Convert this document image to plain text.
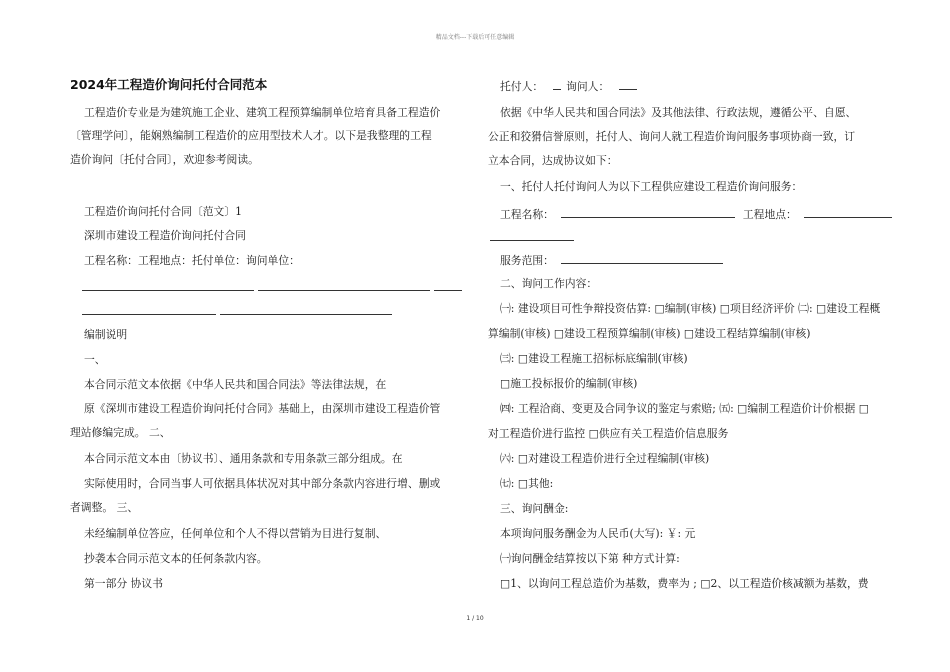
精品文档---下载后可任意编辑
2024年工程造价询问托付合同范本
工程造价专业是为建筑施工企业、建筑工程预算编制单位培育具备工程造价
〔管理学问〕，能娴熟编制工程造价的应用型技术人才。以下是我整理的工程
造价询问〔托付合同〕，欢迎参考阅读。
工程造价询问托付合同〔范文〕1
深圳市建设工程造价询问托付合同
工程名称：工程地点：托付单位：询问单位：
编制说明
一、
本合同示范文本依据《中华人民共和国合同法》等法律法规，在
原《深圳市建设工程造价询问托付合同》基础上，由深圳市建设工程造价管
理站修编完成。 二、
本合同示范文本由〔协议书〕、通用条款和专用条款三部分组成。在
实际使用时，合同当事人可依据具体状况对其中部分条款内容进行增、删或
者调整。 三、
未经编制单位答应，任何单位和个人不得以营销为目进行复制、
抄袭本合同示范文本的任何条款内容。
第一部分 协议书
托付人： 询问人：
依据《中华人民共和国合同法》及其他法律、行政法规，遵循公平、自愿、
公正和狡猾信誉原则，托付人、询问人就工程造价询问服务事项协商一致，订
立本合同，达成协议如下：
一、托付人托付询问人为以下工程供应建设工程造价询问服务：
工程名称：	工程地点：
服务范围：
二、询问工作内容：
㈠: 建设项目可性争辩投资估算: □编制(审核) □项目经济评价 ㈡: □建设工程概
算编制(审核) □建设工程预算编制(审核) □建设工程结算编制(审核)
㈢: □建设工程施工招标标底编制(审核)
□施工投标报价的编制(审核)
㈣: 工程洽商、变更及合同争议的鉴定与索赔; ㈤: □编制工程造价计价根据 □
对工程造价进行监控 □供应有关工程造价信息服务
㈥: □对建设工程造价进行全过程编制(审核)
㈦: □其他:
三、询问酬金:
本项询问服务酬金为人民币(大写): ￥: 元
㈠询问酬金结算按以下第 种方式计算:
□1、以询问工程总造价为基数，费率为 ; □2、以工程造价核减额为基数，费
1 / 10
